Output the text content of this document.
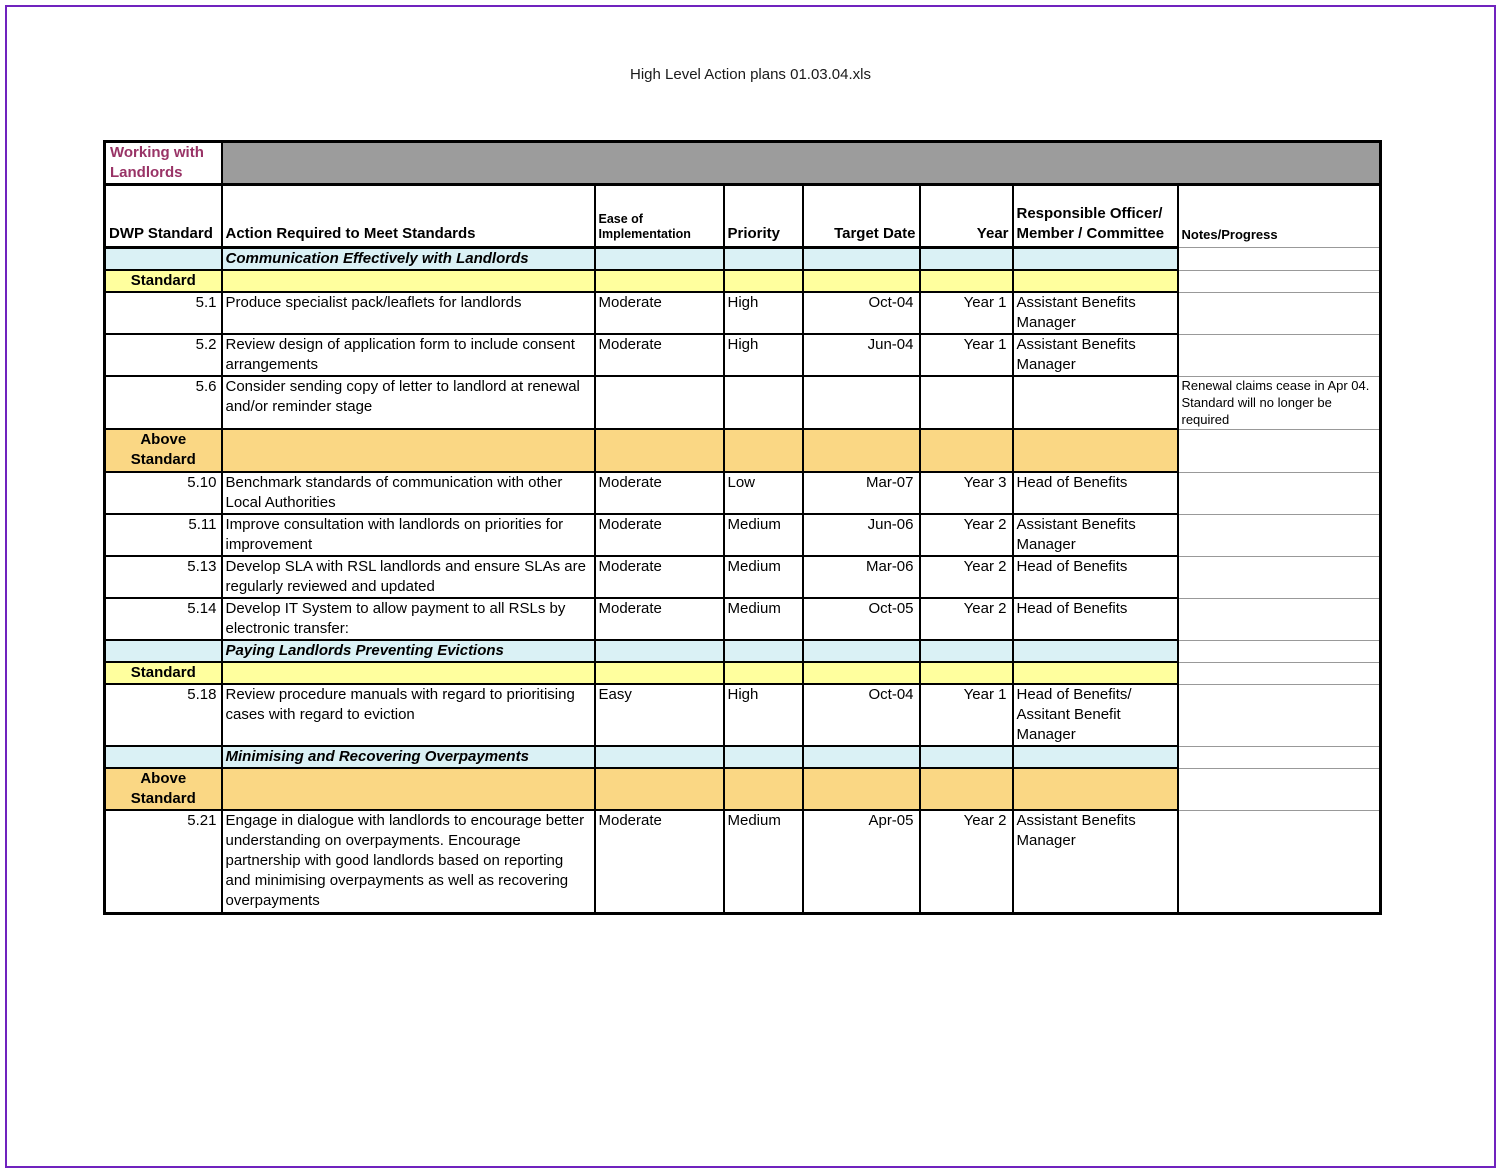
High Level Action plans 01.03.04.xls
Working with Landlords							
DWP Standard	Action Required to Meet Standards	Ease of Implementation	Priority	Target Date	Year	Responsible Officer/ Member / Committee	Notes/Progress
	Communication Effectively with Landlords						
Standard							
5.1	Produce specialist pack/leaflets for landlords	Moderate	High	Oct-04	Year 1	Assistant Benefits Manager	
5.2	Review design of application form to include consent arrangements	Moderate	High	Jun-04	Year 1	Assistant Benefits Manager	
5.6	Consider sending copy of letter to landlord at renewal and/or reminder stage						Renewal claims cease in Apr 04. Standard will no longer be required
Above Standard							
5.10	Benchmark standards of communication with other Local Authorities	Moderate	Low	Mar-07	Year 3	Head of Benefits	
5.11	Improve consultation with landlords on priorities for improvement	Moderate	Medium	Jun-06	Year 2	Assistant Benefits Manager	
5.13	Develop SLA with RSL landlords and ensure SLAs are regularly reviewed and updated	Moderate	Medium	Mar-06	Year 2	Head of Benefits	
5.14	Develop IT System to allow payment to all RSLs by electronic transfer:	Moderate	Medium	Oct-05	Year 2	Head of Benefits	
	Paying Landlords Preventing Evictions						
Standard							
5.18	Review procedure manuals with regard to prioritising cases with regard to eviction	Easy	High	Oct-04	Year 1	Head of Benefits/ Assitant Benefit Manager	
	Minimising and Recovering Overpayments						
Above Standard							
5.21	Engage in dialogue with landlords to encourage better understanding on overpayments. Encourage partnership with good landlords based on reporting and minimising overpayments as well as recovering overpayments	Moderate	Medium	Apr-05	Year 2	Assistant Benefits Manager	
